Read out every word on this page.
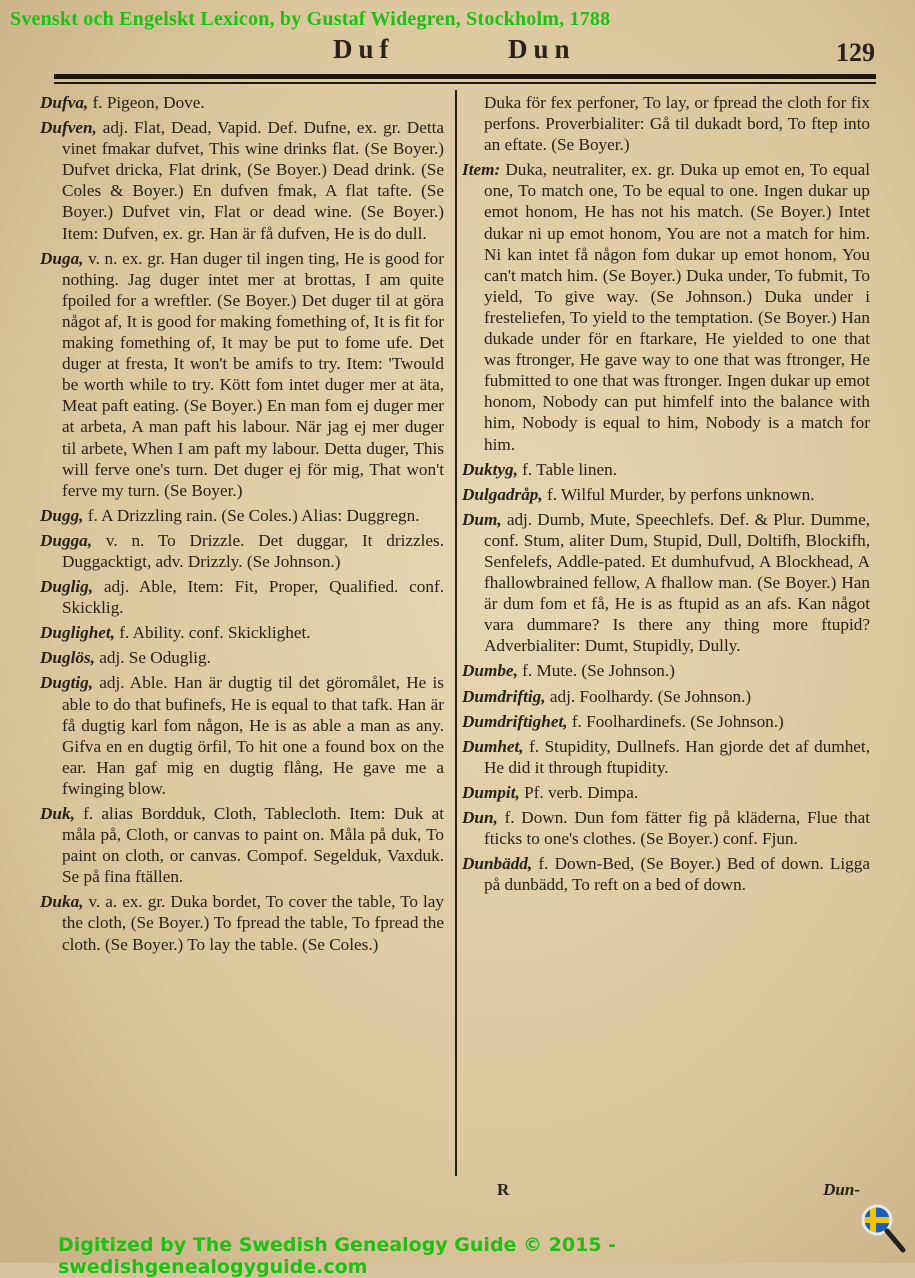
Svenskt och Engelskt Lexicon, by Gustaf Widegren, Stockholm, 1788
Duf	Dun	129

Dufva, f. Pigeon, Dove.

Dufven, adj. Flat, Dead, Vapid. Def. Dufne, ex. gr. Detta vinet fmakar dufvet, This wine drinks flat. (Se Boyer.) Dufvet dricka, Flat drink, (Se Boyer.) Dead drink. (Se Coles & Boyer.) En dufven fmak, A flat tafte. (Se Boyer.) Dufvet vin, Flat or dead wine. (Se Boyer.) Item: Dufven, ex. gr. Han är få dufven, He is do dull.

Duga, v. n. ex. gr. Han duger til ingen ting, He is good for nothing. Jag duger intet mer at brottas, I am quite fpoiled for a wreftler. (Se Boyer.) Det duger til at göra något af, It is good for making fomething of, It is fit for making fomething of, It may be put to fome ufe. Det duger at fresta, It won't be amifs to try. Item: 'Twould be worth while to try. Kött fom intet duger mer at äta, Meat paft eating. (Se Boyer.) En man fom ej duger mer at arbeta, A man paft his labour. När jag ej mer duger til arbete, When I am paft my labour. Detta duger, This will ferve one's turn. Det duger ej för mig, That won't ferve my turn. (Se Boyer.)

Dugg, f. A Drizzling rain. (Se Coles.) Alias: Duggregn.

Dugga, v. n. To Drizzle. Det duggar, It drizzles. Duggacktigt, adv. Drizzly. (Se Johnson.)

Duglig, adj. Able, Item: Fit, Proper, Qualified. conf. Skicklig.

Duglighet, f. Ability. conf. Skicklighet.

Duglös, adj. Se Oduglig.

Dugtig, adj. Able. Han är dugtig til det göromålet, He is able to do that bufinefs, He is equal to that tafk. Han är få dugtig karl fom någon, He is as able a man as any. Gifva en en dugtig örfil, To hit one a found box on the ear. Han gaf mig en dugtig flång, He gave me a fwinging blow.

Duk, f. alias Bordduk, Cloth, Tablecloth. Item: Duk at måla på, Cloth, or canvas to paint on. Måla på duk, To paint on cloth, or canvas. Compof. Segelduk, Vaxduk. Se på fina ftällen.

Duka, v. a. ex. gr. Duka bordet, To cover the table, To lay the cloth, (Se Boyer.) To fpread the table, To fpread the cloth. (Se Boyer.) To lay the table. (Se Coles.)

Duka för fex perfoner, To lay, or fpread the cloth for fix perfons. Proverbialiter: Gå til dukadt bord, To ftep into an eftate. (Se Boyer.)

Item: Duka, neutraliter, ex. gr. Duka up emot en, To equal one, To match one, To be equal to one. Ingen dukar up emot honom, He has not his match. (Se Boyer.) Intet dukar ni up emot honom, You are not a match for him. Ni kan intet få någon fom dukar up emot honom, You can't match him. (Se Boyer.) Duka under, To fubmit, To yield, To give way. (Se Johnson.) Duka under i fresteliefen, To yield to the temptation. (Se Boyer.) Han dukade under för en ftarkare, He yielded to one that was ftronger, He gave way to one that was ftronger, He fubmitted to one that was ftronger. Ingen dukar up emot honom, Nobody can put himfelf into the balance with him, Nobody is equal to him, Nobody is a match for him.

Duktyg, f. Table linen.

Dulgadråp, f. Wilful Murder, by perfons unknown.

Dum, adj. Dumb, Mute, Speechlefs. Def. & Plur. Dumme, conf. Stum, aliter Dum, Stupid, Dull, Doltifh, Blockifh, Senfelefs, Addle-pated. Et dumhufvud, A Blockhead, A fhallowbrained fellow, A fhallow man. (Se Boyer.) Han är dum fom et få, He is as ftupid as an afs. Kan något vara dummare? Is there any thing more ftupid? Adverbialiter: Dumt, Stupidly, Dully.

Dumbe, f. Mute. (Se Johnson.)

Dumdriftig, adj. Foolhardy. (Se Johnson.)

Dumdriftighet, f. Foolhardinefs. (Se Johnson.)

Dumhet, f. Stupidity, Dullnefs. Han gjorde det af dumhet, He did it through ftupidity.

Dumpit, Pf. verb. Dimpa.

Dun, f. Down. Dun fom fätter fig på kläderna, Flue that fticks to one's clothes. (Se Boyer.) conf. Fjun.

Dunbädd, f. Down-Bed, (Se Boyer.) Bed of down. Ligga på dunbädd, To reft on a bed of down.

R	Dun-
Digitized by The Swedish Genealogy Guide © 2015 - swedishgenealogyguide.com
